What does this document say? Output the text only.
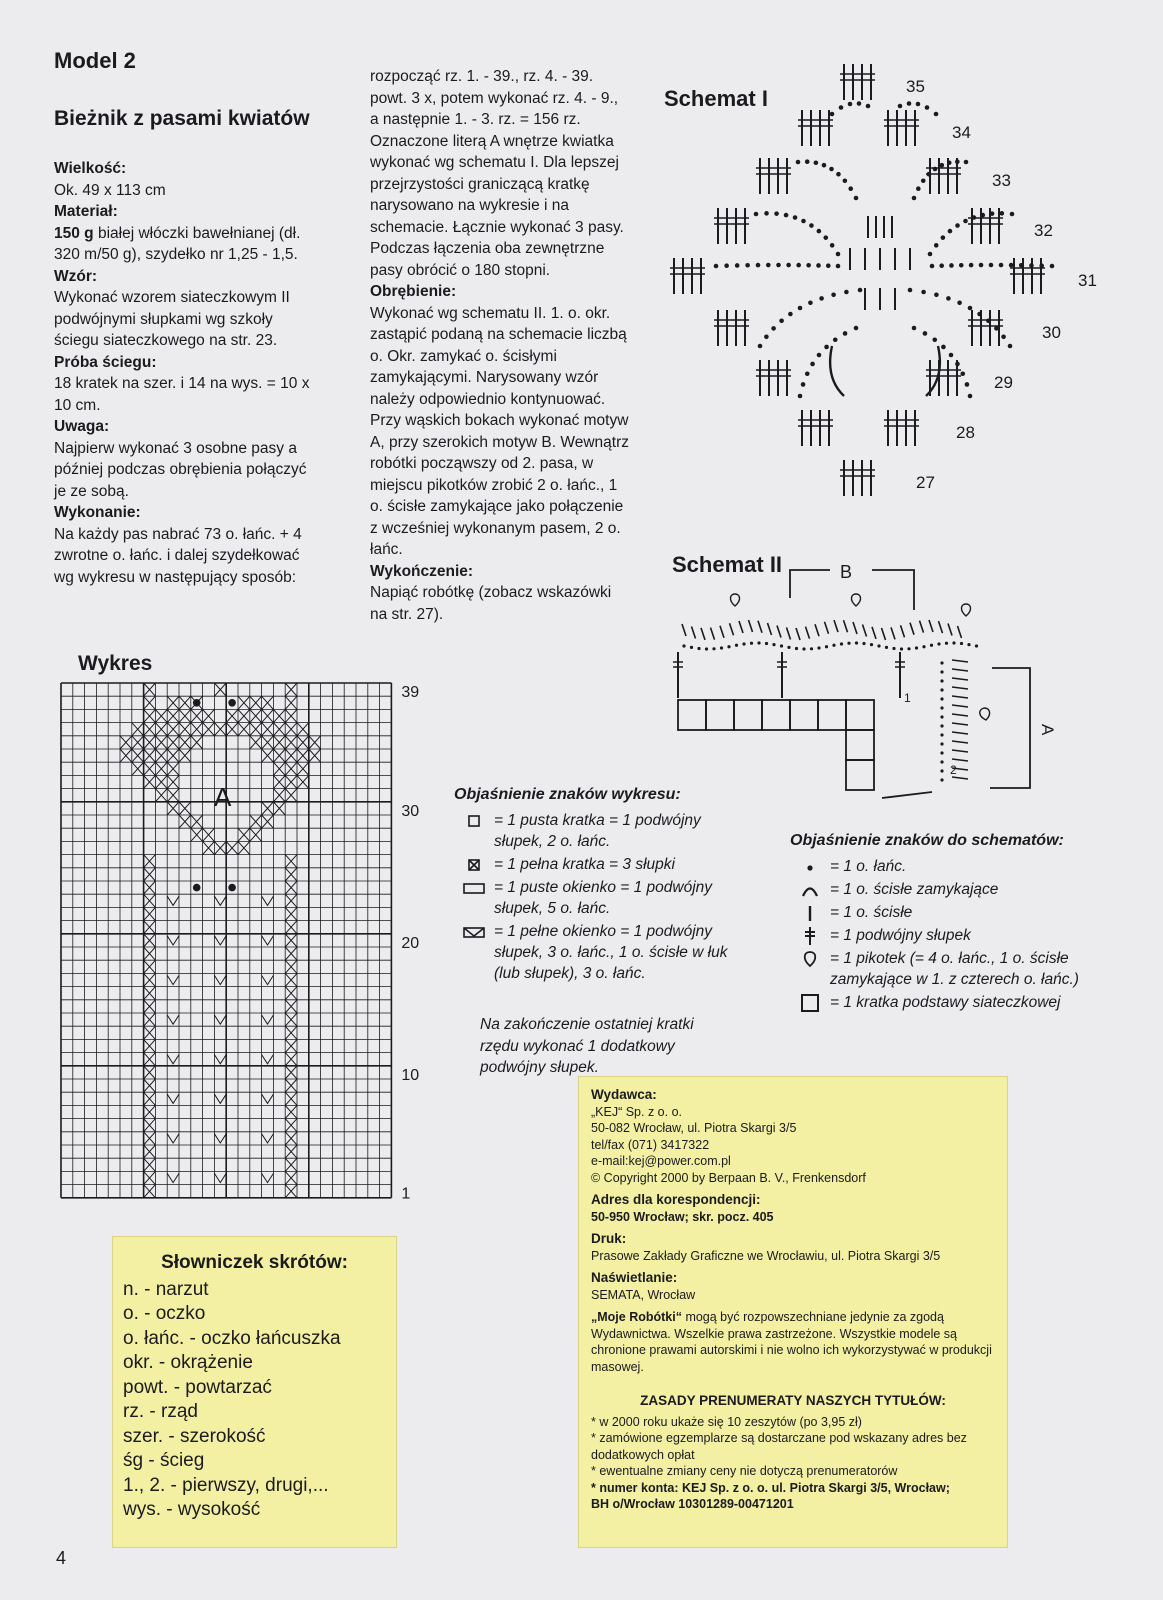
Model 2
Bieżnik z pasami kwiatów

Wielkość:

Ok. 49 x 113 cm

Materiał:

150 g białej włóczki bawełnianej (dł. 320 m/50 g), szydełko nr 1,25 - 1,5.

Wzór:

Wykonać wzorem siateczkowym II podwójnymi słupkami wg szkoły ściegu siateczkowego na str. 23.

Próba ściegu:

18 kratek na szer. i 14 na wys. = 10 x 10 cm.

Uwaga:

Najpierw wykonać 3 osobne pasy a później podczas obrębienia połączyć je ze sobą.

Wykonanie:

Na każdy pas nabrać 73 o. łańc. + 4 zwrotne o. łańc. i dalej szydełkować wg wykresu w następujący sposób:

rozpocząć rz. 1. - 39., rz. 4. - 39. powt. 3 x, potem wykonać rz. 4. - 9., a następnie 1. - 3. rz. = 156 rz. Oznaczone literą A wnętrze kwiatka wykonać wg schematu I. Dla lepszej przejrzystości graniczącą kratkę narysowano na wykresie i na schemacie. Łącznie wykonać 3 pasy. Podczas łączenia oba zewnętrzne pasy obrócić o 180 stopni.

Obrębienie:

Wykonać wg schematu II. 1. o. okr. zastąpić podaną na schemacie liczbą o. Okr. zamykać o. ścisłymi zamykającymi. Narysowany wzór należy odpowiednio kontynuować. Przy wąskich bokach wykonać motyw A, przy szerokich motyw B. Wewnątrz robótki począwszy od 2. pasa, w miejscu pikotków zrobić 2 o. łańc., 1 o. ścisłe zamykające jako połączenie z wcześniej wykonanym pasem, 2 o. łańc.

Wykończenie:

Napiąć robótkę (zobacz wskazówki na str. 27).

Schemat I	35
34
33
32
31
30
29
28
27
Schemat II	B
A
1
2
Wykres
A
39
30
20
10
1
Objaśnienie znaków wykresu:
= 1 pusta kratka = 1 podwójny słupek, 2 o. łańc.
= 1 pełna kratka = 3 słupki
= 1 puste okienko = 1 podwójny słupek, 5 o. łańc.
= 1 pełne okienko = 1 podwójny słupek, 3 o. łańc., 1 o. ścisłe w łuk (lub słupek), 3 o. łańc.
Na zakończenie ostatniej kratki rzędu wykonać 1 dodatkowy podwójny słupek.
Objaśnienie znaków do schematów:
= 1 o. łańc.
= 1 o. ścisłe zamykające
= 1 o. ścisłe
= 1 podwójny słupek
= 1 pikotek (= 4 o. łańc., 1 o. ścisłe zamykające w 1. z czterech o. łańc.)
= 1 kratka podstawy siateczkowej
Wydawca:
„KEJ“ Sp. z o. o.
50-082 Wrocław, ul. Piotra Skargi 3/5
tel/fax (071) 3417322
e-mail:kej@power.com.pl
© Copyright 2000 by Berpaan B. V., Frenkensdorf
Adres dla korespondencji:
50-950 Wrocław; skr. pocz. 405
Druk:
Prasowe Zakłady Graficzne we Wrocławiu, ul. Piotra Skargi 3/5
Naświetlanie:
SEMATA, Wrocław
„Moje Robótki“ mogą być rozpowszechniane jedynie za zgodą Wydawnictwa. Wszelkie prawa zastrzeżone. Wszystkie modele są chronione prawami autorskimi i nie wolno ich wykorzystywać w produkcji masowej.
ZASADY PRENUMERATY NASZYCH TYTUŁÓW:
* w 2000 roku ukaże się 10 zeszytów (po 3,95 zł)
* zamówione egzemplarze są dostarczane pod wskazany adres bez dodatkowych opłat
* ewentualne zmiany ceny nie dotyczą prenumeratorów
* numer konta: KEJ Sp. z o. o. ul. Piotra Skargi 3/5, Wrocław;
BH o/Wrocław 10301289-00471201
Słowniczek skrótów:
n. - narzut
o. - oczko
o. łańc. - oczko łańcuszka
okr. - okrążenie
powt. - powtarzać
rz. - rząd
szer. - szerokość
śg - ścieg
1., 2. - pierwszy, drugi,...
wys. - wysokość
4
